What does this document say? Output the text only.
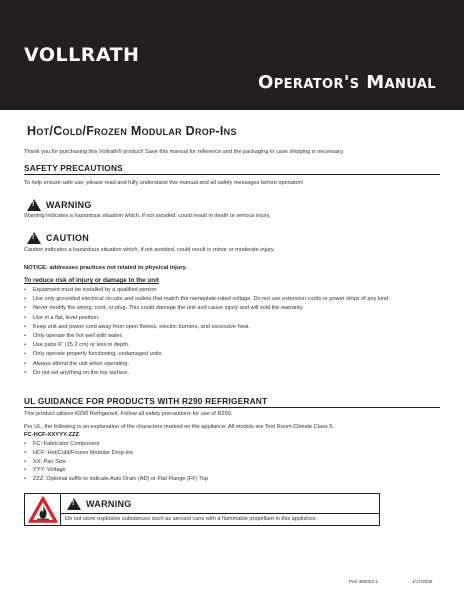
VOLLRATH
Operator's Manual
Hot/Cold/Frozen Modular Drop-Ins
Thank you for purchasing this Vollrath® product! Save this manual for reference and the packaging in case shipping is necessary.
SAFETY PRECAUTIONS
To help ensure safe use, please read and fully understand this manual and all safety messages before operation!
! WARNING
Warning indicates a hazardous situation which, if not avoided, could result in death or serious injury.
! CAUTION
Caution indicates a hazardous situation which, if not avoided, could result in minor or moderate injury.
NOTICE: addresses practices not related to physical injury.
To reduce risk of injury or damage to the unit
• Equipment must be installed by a qualified person
• Use only grounded electrical circuits and outlets that match the nameplate-rated voltage. Do not use extension cords or power strips of any kind.
• Never modify the wiring, cord, or plug. This could damage the unit and cause injury and will void the warranty.
• Use in a flat, level position.
• Keep unit and power cord away from open flames, electric burners, and excessive heat.
• Only operate the hot well with water.
• Use pans 6" (15.2 cm) or less in depth.
• Only operate properly functioning, undamaged units.
• Always attend the unit when operating.
• Do not set anything on the top surface.
UL GUIDANCE FOR PRODUCTS WITH R290 REFRIGERANT
This product utilizes R290 Refrigerant. Follow all safety precautions for use of R290.
Per UL, the following is an explanation of the characters marked on the appliance. All models are Test Room Climate Class 5.
FC-HCF-XXYYY-ZZZ
• FC: Fabricator Component
• HCF: Hot/Cold/Frozen Modular Drop-Ins
• XX: Pan Size
• YYY: Voltage
• ZZZ: Optional suffix to indicate Auto Drain (AD) or Flat Flange (FF) Top
! WARNING
Do not store explosive substances such as aerosol cans with a flammable propellant in this appliance.
Part 350022-1	1/17/2025
